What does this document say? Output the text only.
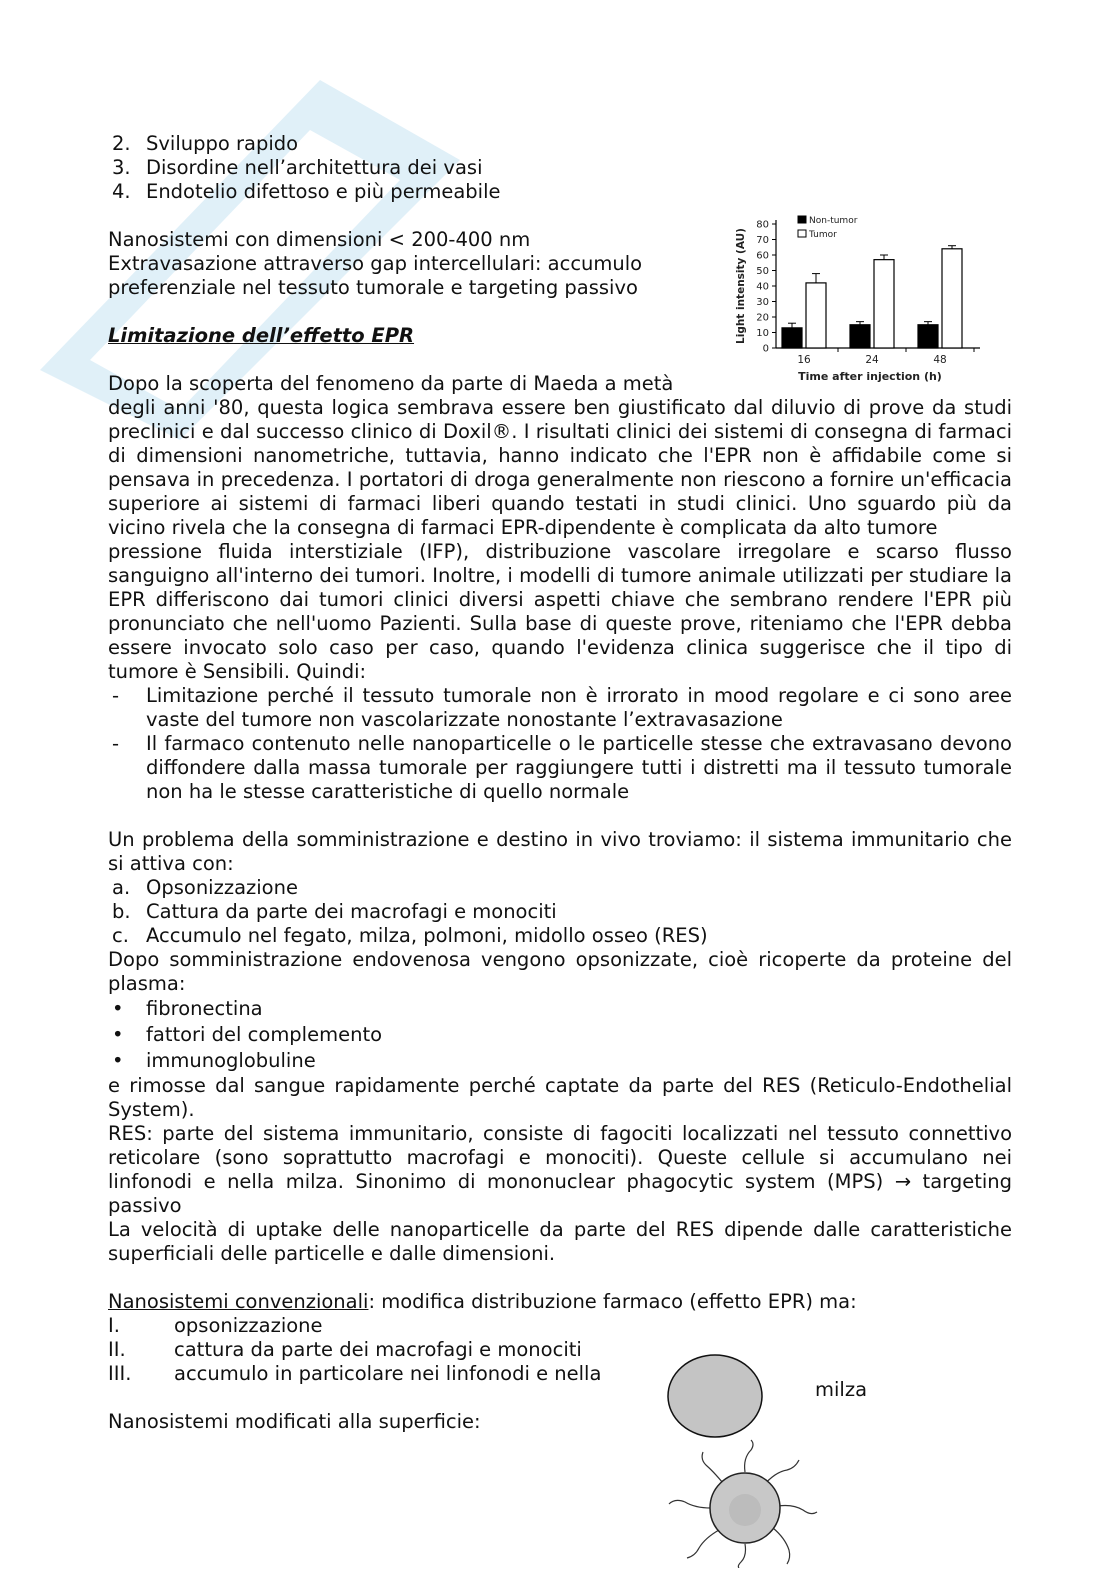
0
10
20
30
40
50
60
70
80
Light intensity (AU)
16	24	48
Time after injection (h)
Non-tumor
Tumor
2. Sviluppo rapido
3. Disordine nell’architettura dei vasi
4. Endotelio difettoso e più permeabile
Nanosistemi con dimensioni < 200-400 nm
Extravasazione attraverso gap intercellulari: accumulo
preferenziale nel tessuto tumorale e targeting passivo
Limitazione dell’effetto EPR
Dopo la scoperta del fenomeno da parte di Maeda a metà
degli anni '80, questa logica sembrava essere ben giustificato dal diluvio di prove da studi preclinici e dal successo clinico di Doxil®. I risultati clinici dei sistemi di consegna di farmaci di dimensioni nanometriche, tuttavia, hanno indicato che l'EPR non è affidabile come si pensava in precedenza. I portatori di droga generalmente non riescono a fornire un'efficacia superiore ai sistemi di farmaci liberi quando testati in studi clinici. Uno sguardo più da vicino rivela che la consegna di farmaci EPR-dipendente è complicata da alto tumore
pressione fluida interstiziale (IFP), distribuzione vascolare irregolare e scarso flusso sanguigno all'interno dei tumori. Inoltre, i modelli di tumore animale utilizzati per studiare la EPR differiscono dai tumori clinici diversi aspetti chiave che sembrano rendere l'EPR più pronunciato che nell'uomo Pazienti. Sulla base di queste prove, riteniamo che l'EPR debba essere invocato solo caso per caso, quando l'evidenza clinica suggerisce che il tipo di tumore è Sensibili. Quindi:
- Limitazione perché il tessuto tumorale non è irrorato in mood regolare e ci sono aree vaste del tumore non vascolarizzate nonostante l’extravasazione
- Il farmaco contenuto nelle nanoparticelle o le particelle stesse che extravasano devono diffondere dalla massa tumorale per raggiungere tutti i distretti ma il tessuto tumorale non ha le stesse caratteristiche di quello normale
Un problema della somministrazione e destino in vivo troviamo: il sistema immunitario che si attiva con:
a. Opsonizzazione
b. Cattura da parte dei macrofagi e monociti
c. Accumulo nel fegato, milza, polmoni, midollo osseo (RES)
Dopo somministrazione endovenosa vengono opsonizzate, cioè ricoperte da proteine del plasma:
• fibronectina
• fattori del complemento
• immunoglobuline
e rimosse dal sangue rapidamente perché captate da parte del RES (Reticulo-Endothelial System).
RES: parte del sistema immunitario, consiste di fagociti localizzati nel tessuto connettivo reticolare (sono soprattutto macrofagi e monociti). Queste cellule si accumulano nei linfonodi e nella milza. Sinonimo di mononuclear phagocytic system (MPS) → targeting passivo
La velocità di uptake delle nanoparticelle da parte del RES dipende dalle caratteristiche superficiali delle particelle e dalle dimensioni.
Nanosistemi convenzionali: modifica distribuzione farmaco (effetto EPR) ma:
I.	opsonizzazione
II. cattura da parte dei macrofagi e monociti
III. accumulo in particolare nei linfonodi e nella
Nanosistemi modificati alla superficie:
milza
